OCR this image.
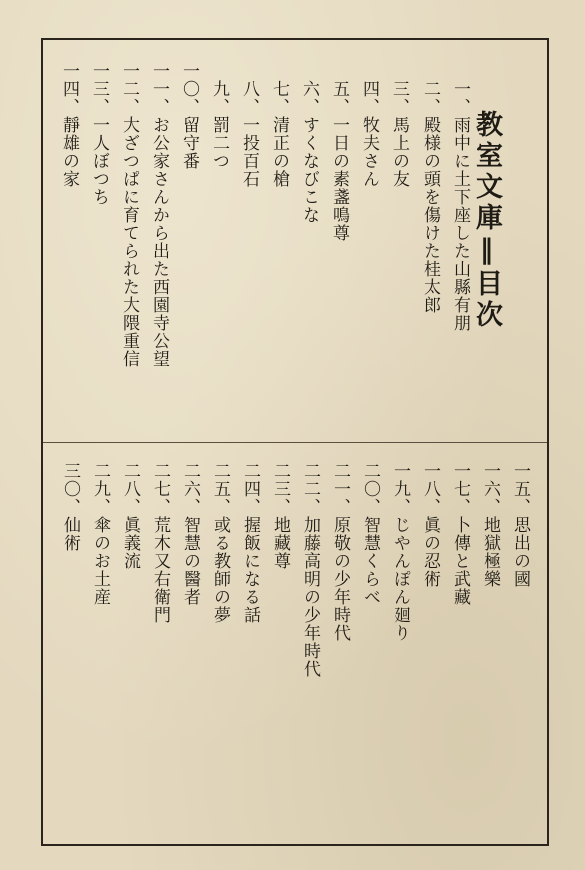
教室文庫‖目次
一、雨中に土下座した山縣有朋
二、殿様の頭を傷けた桂太郎
三、馬上の友
四、牧夫さん
五、一日の素盞鳴尊
六、すくなびこな
七、清正の槍
八、一投百石
九、罰二つ
一〇、留守番
一一、お公家さんから出た西園寺公望
一二、大ざつぱに育てられた大隈重信
一三、一人ぼつち
一四、靜雄の家
一五、思出の國
一六、地獄極樂
一七、卜傳と武藏
一八、眞の忍術
一九、じやんぽん廻り
二〇、智慧くらべ
二一、原敬の少年時代
二二、加藤高明の少年時代
二三、地藏尊
二四、握飯になる話
二五、或る教師の夢
二六、智慧の醫者
二七、荒木又右衛門
二八、眞義流
二九、傘のお土産
三〇、仙術
